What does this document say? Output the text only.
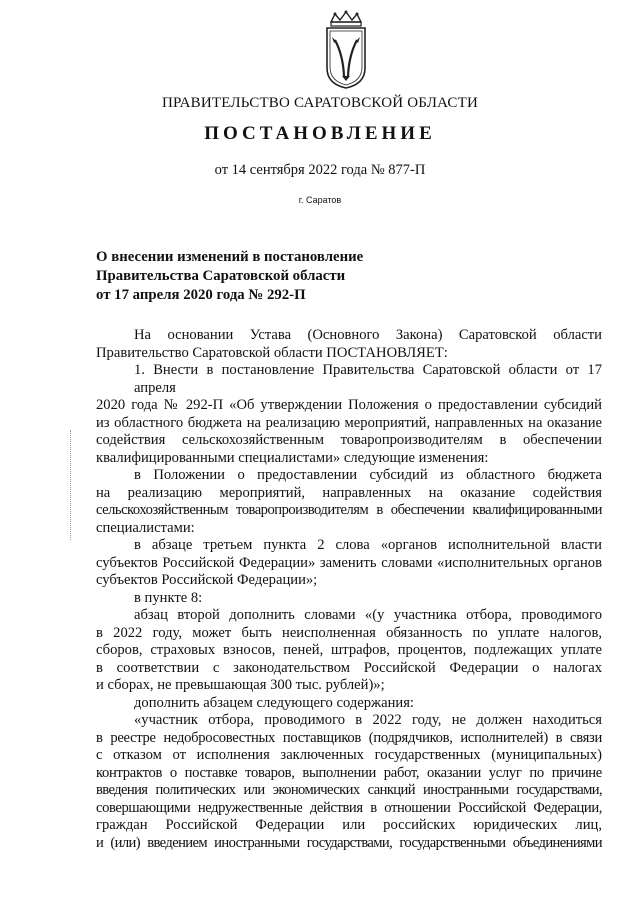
ПРАВИТЕЛЬСТВО САРАТОВСКОЙ ОБЛАСТИ
ПОСТАНОВЛЕНИЕ
от 14 сентября 2022 года № 877-П
г. Саратов
О внесении изменений в постановление
Правительства Саратовской области
от 17 апреля 2020 года № 292-П
На основании Устава (Основного Закона) Саратовской области
Правительство Саратовской области ПОСТАНОВЛЯЕТ:
1. Внести в постановление Правительства Саратовской области от 17 апреля
2020 года № 292-П «Об утверждении Положения о предоставлении субсидий
из областного бюджета на реализацию мероприятий, направленных на оказание
содействия сельскохозяйственным товаропроизводителям в обеспечении
квалифицированными специалистами» следующие изменения:
в Положении о предоставлении субсидий из областного бюджета
на реализацию мероприятий, направленных на оказание содействия
сельскохозяйственным товаропроизводителям в обеспечении квалифицированными
специалистами:
в абзаце третьем пункта 2 слова «органов исполнительной власти
субъектов Российской Федерации» заменить словами «исполнительных органов
субъектов Российской Федерации»;
в пункте 8:
абзац второй дополнить словами «(у участника отбора, проводимого
в 2022 году, может быть неисполненная обязанность по уплате налогов,
сборов, страховых взносов, пеней, штрафов, процентов, подлежащих уплате
в соответствии с законодательством Российской Федерации о налогах
и сборах, не превышающая 300 тыс. рублей)»;
дополнить абзацем следующего содержания:
«участник отбора, проводимого в 2022 году, не должен находиться
в реестре недобросовестных поставщиков (подрядчиков, исполнителей) в связи
с отказом от исполнения заключенных государственных (муниципальных)
контрактов о поставке товаров, выполнении работ, оказании услуг по причине
введения политических или экономических санкций иностранными государствами,
совершающими недружественные действия в отношении Российской Федерации,
граждан Российской Федерации или российских юридических лиц,
и (или) введением иностранными государствами, государственными объединениями
